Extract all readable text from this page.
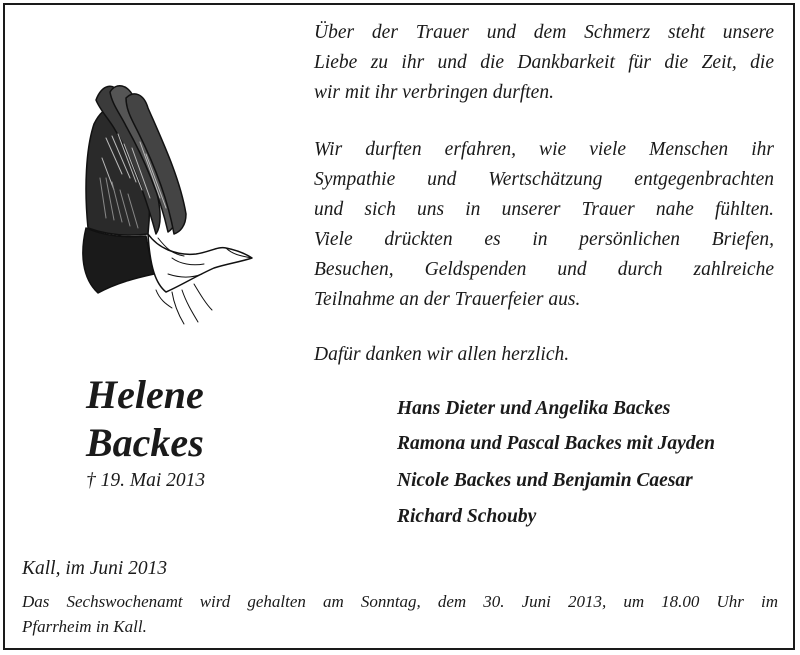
Über der Trauer und dem Schmerz steht unsere
Liebe zu ihr und die Dankbarkeit für die Zeit, die
wir mit ihr verbringen durften.
Wir durften erfahren, wie viele Menschen ihr
Sympathie und Wertschätzung entgegenbrachten
und sich uns in unserer Trauer nahe fühlten.
Viele drückten es in persönlichen Briefen,
Besuchen, Geldspenden und durch zahlreiche
Teilnahme an der Trauerfeier aus.
Dafür danken wir allen herzlich.
Helene
Backes
† 19. Mai 2013
Hans Dieter und Angelika Backes
Ramona und Pascal Backes mit Jayden
Nicole Backes und Benjamin Caesar
Richard Schouby
Kall, im Juni 2013
Das Sechswochenamt wird gehalten am Sonntag, dem 30. Juni 2013, um 18.00 Uhr im
Pfarrheim in Kall.
